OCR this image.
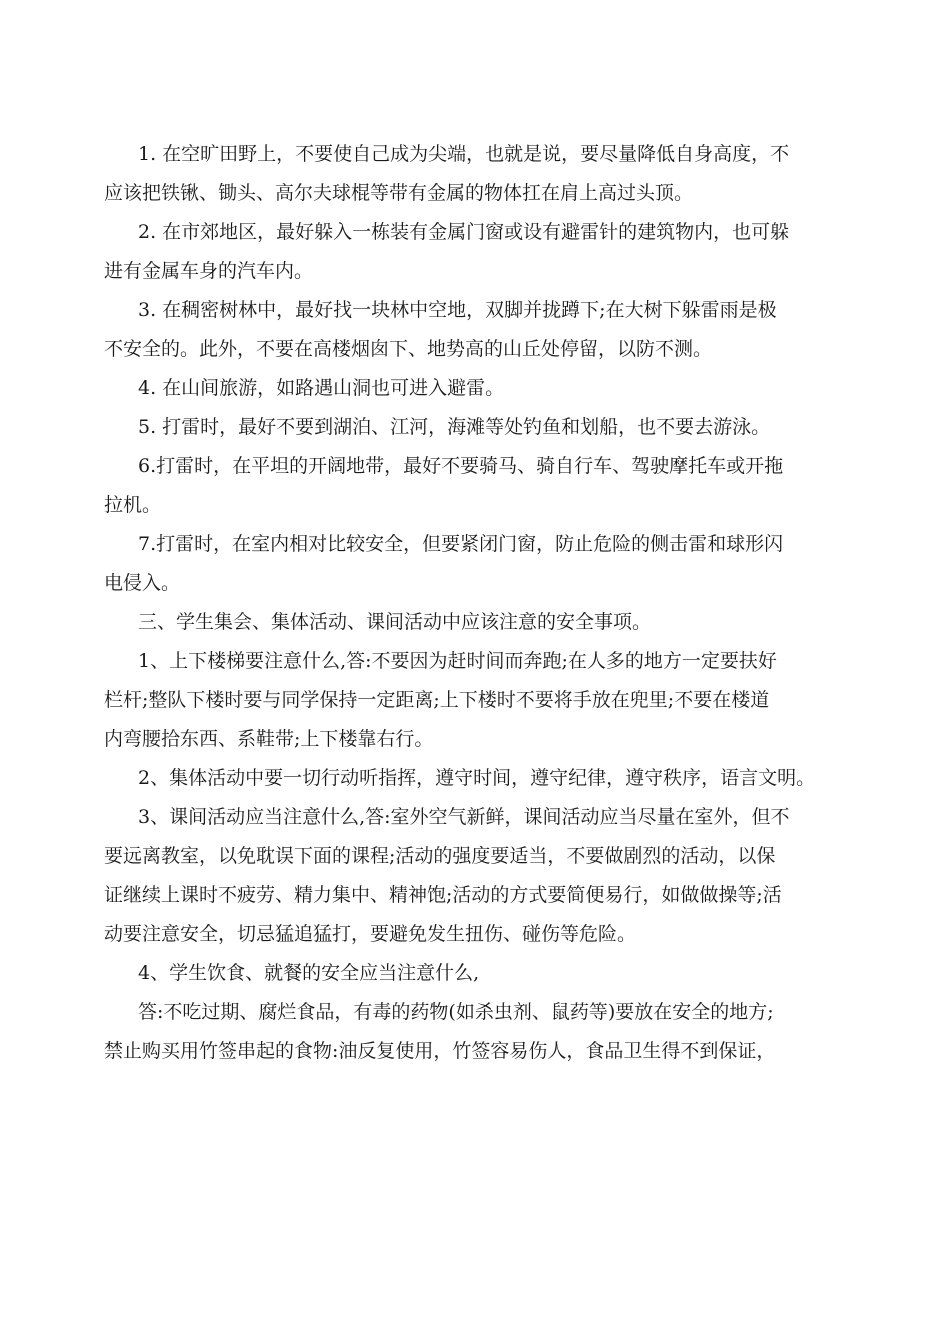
1. 在空旷田野上，不要使自己成为尖端，也就是说，要尽量降低自身高度，不

应该把铁锹、锄头、高尔夫球棍等带有金属的物体扛在肩上高过头顶。

2. 在市郊地区，最好躲入一栋装有金属门窗或设有避雷针的建筑物内，也可躲

进有金属车身的汽车内。

3. 在稠密树林中，最好找一块林中空地，双脚并拢蹲下;在大树下躲雷雨是极

不安全的。此外，不要在高楼烟囱下、地势高的山丘处停留，以防不测。

4. 在山间旅游，如路遇山洞也可进入避雷。

5. 打雷时，最好不要到湖泊、江河，海滩等处钓鱼和划船，也不要去游泳。

6.打雷时，在平坦的开阔地带，最好不要骑马、骑自行车、驾驶摩托车或开拖

拉机。

7.打雷时，在室内相对比较安全，但要紧闭门窗，防止危险的侧击雷和球形闪

电侵入。

三、学生集会、集体活动、课间活动中应该注意的安全事项。

1、上下楼梯要注意什么,答:不要因为赶时间而奔跑;在人多的地方一定要扶好

栏杆;整队下楼时要与同学保持一定距离;上下楼时不要将手放在兜里;不要在楼道

内弯腰拾东西、系鞋带;上下楼靠右行。

2、集体活动中要一切行动听指挥，遵守时间，遵守纪律，遵守秩序，语言文明。

3、课间活动应当注意什么,答:室外空气新鲜，课间活动应当尽量在室外，但不

要远离教室，以免耽误下面的课程;活动的强度要适当，不要做剧烈的活动，以保

证继续上课时不疲劳、精力集中、精神饱;活动的方式要简便易行，如做做操等;活

动要注意安全，切忌猛追猛打，要避免发生扭伤、碰伤等危险。

4、学生饮食、就餐的安全应当注意什么,

答:不吃过期、腐烂食品，有毒的药物(如杀虫剂、鼠药等)要放在安全的地方;

禁止购买用竹签串起的食物:油反复使用，竹签容易伤人，食品卫生得不到保证，
